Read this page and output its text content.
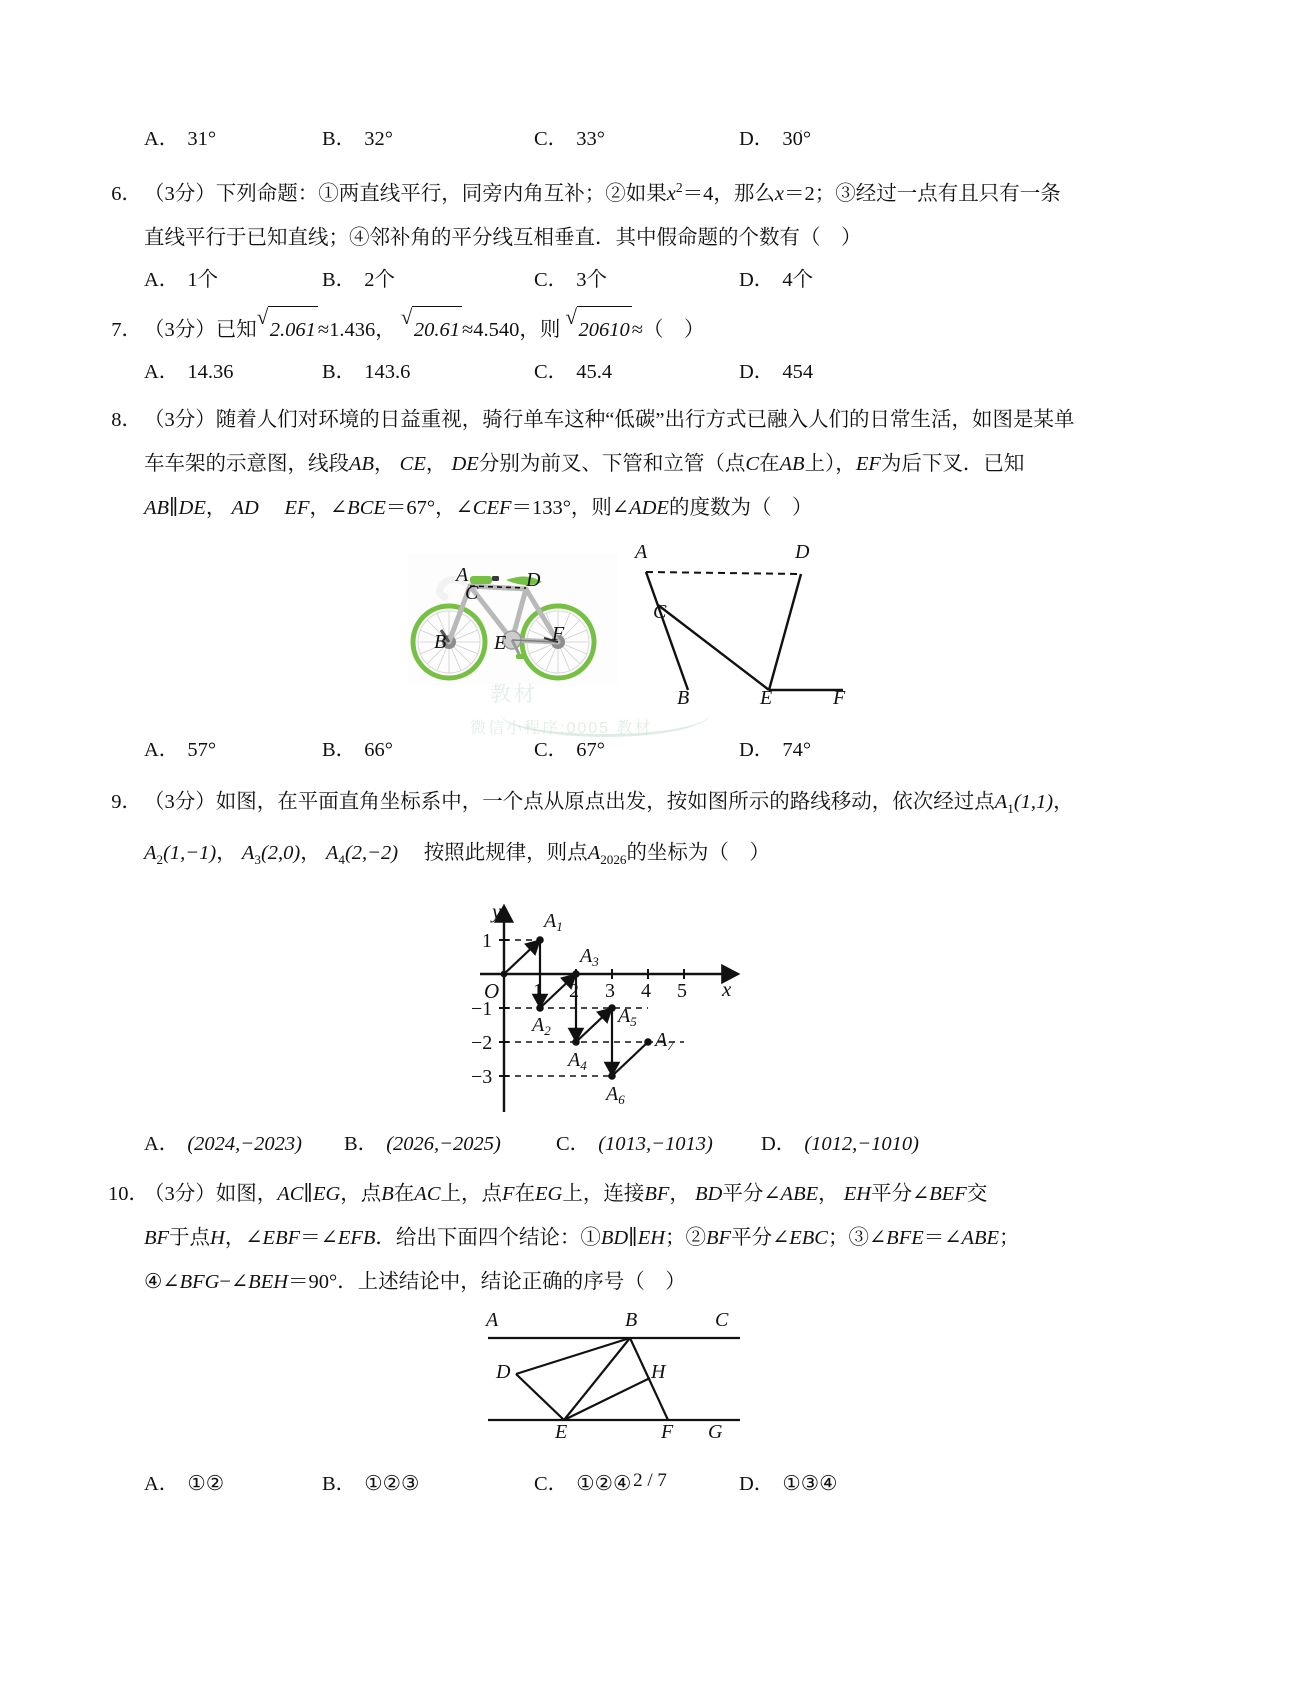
A． 31°	B． 32°	C． 33°	D． 30°
6．（3分）下列命题：①两直线平行，同旁内角互补；②如果$x^2=4$，那么x＝2；③经过一点有且只有一条
直线平行于已知直线；④邻补角的平分线互相垂直．其中假命题的个数有（　）
A． 1个	B． 2个	C． 3个	D． 4个
7．（3分）已知
√
2.061≈1.436，
√
20.61≈4.540，则
√
20610≈（　）
A． 14.36	B． 143.6	C． 45.4	D． 454
8．（3分）随着人们对环境的日益重视，骑行单车这种“低碳”出行方式已融入人们的日常生活，如图是某单
车车架的示意图，线段AB， CE， DE分别为前叉、下管和立管（点C在AB上），EF为后下叉．已知
AB∥DE， AD　 EF，∠BCE＝67°，∠CEF＝133°，则∠ADE的度数为（　）
A
C
D
B E F
A	D
C
B	E	F
A． 57°	B． 66°	C． 67°	D． 74°
9．（3分）如图，在平面直角坐标系中，一个点从原点出发，按如图所示的路线移动，依次经过点$A_1(1,1)$，
$A_2(1,-1)$， $A_3(2,0)$， $A_4(2,-2)$ 按照此规律，则点$A_{2026}$的坐标为（　）
y
x
O 1 2 3 4 5
1
−1
−2
−3
$A_1$
$A_2$
$A_3$
$A_4$
$A_5$
$A_6$
$A_7$
A． (2024,−2023)	B． (2026,−2025)	C． (1013,−1013)	D． (1012,−1010)
10．（3分）如图，AC∥EG，点B在AC上，点F在EG上，连接BF， BD平分∠ABE， EH平分∠BEF交
BF于点H，∠EBF＝∠EFB．给出下面四个结论：①BD∥EH；②BF平分∠EBC；③∠BFE＝∠ABE；
④∠BFG−∠BEH＝90°．上述结论中，结论正确的序号（　）
A	B	C
D	H
E	F G
A． ①②	B． ①②③	C． ①②④	D． ①③④
教材
微信小程序:0005 教材
2 / 7
